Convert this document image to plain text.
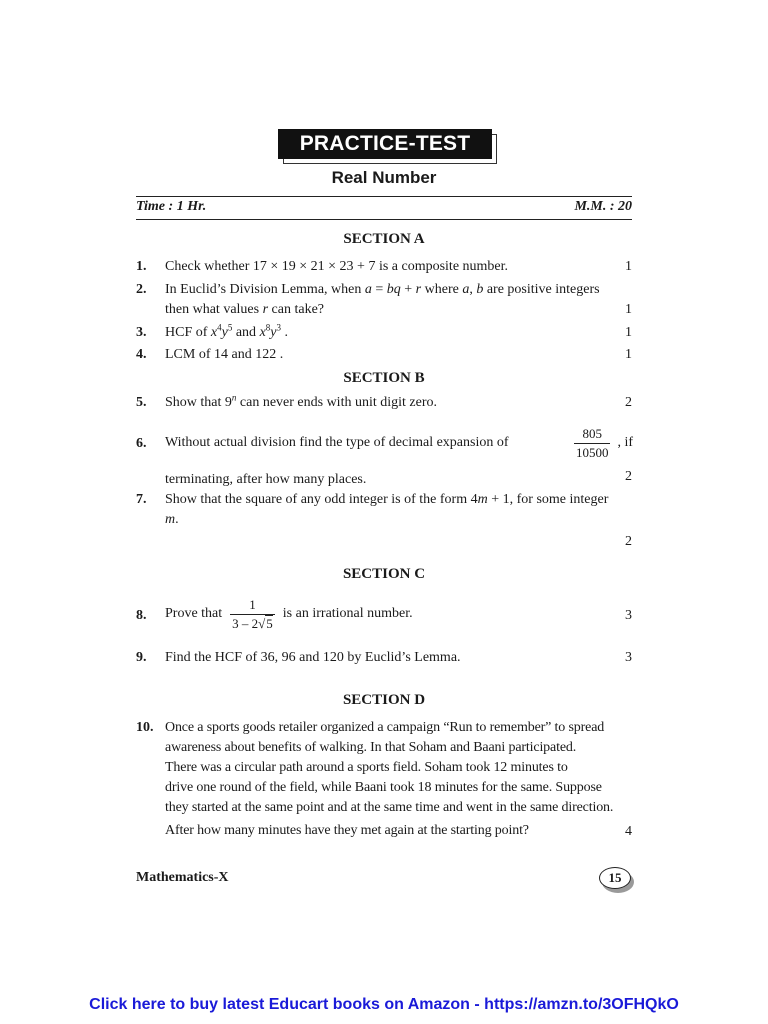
PRACTICE-TEST
Real Number
Time : 1 Hr.	M.M. : 20
SECTION A
1. Check whether 17 × 19 × 21 × 23 + 7 is a composite number.	1
2. In Euclid’s Division Lemma, when a = bq + r where a, b are positive integers
then what values r can take?	1
3. HCF of $x^4y^5$ and $x^8y^3$ .	1
4. LCM of 14 and 122 .	1
SECTION B
5. Show that 9$^n$ can never ends with unit digit zero.	2
6. Without actual division find the type of decimal expansion of	$\frac{805}{10500}$ , if
terminating, after how many places.	2
7. Show that the square of any odd integer is of the form 4m + 1, for some integer
m.
2
SECTION C
8. Prove that $\frac{1}{3 - 2√5}$ is an irrational number.	3
9. Find the HCF of 36, 96 and 120 by Euclid’s Lemma.	3
SECTION D
10. Once a sports goods retailer organized a campaign “Run to remember” to spread
awareness about benefits of walking. In that Soham and Baani participated.
There was a circular path around a sports field. Soham took 12 minutes to
drive one round of the field, while Baani took 18 minutes for the same. Suppose
they started at the same point and at the same time and went in the same direction.
After how many minutes have they met again at the starting point?	4
Mathematics-X	15
Click here to buy latest Educart books on Amazon - https://amzn.to/3OFHQkO
